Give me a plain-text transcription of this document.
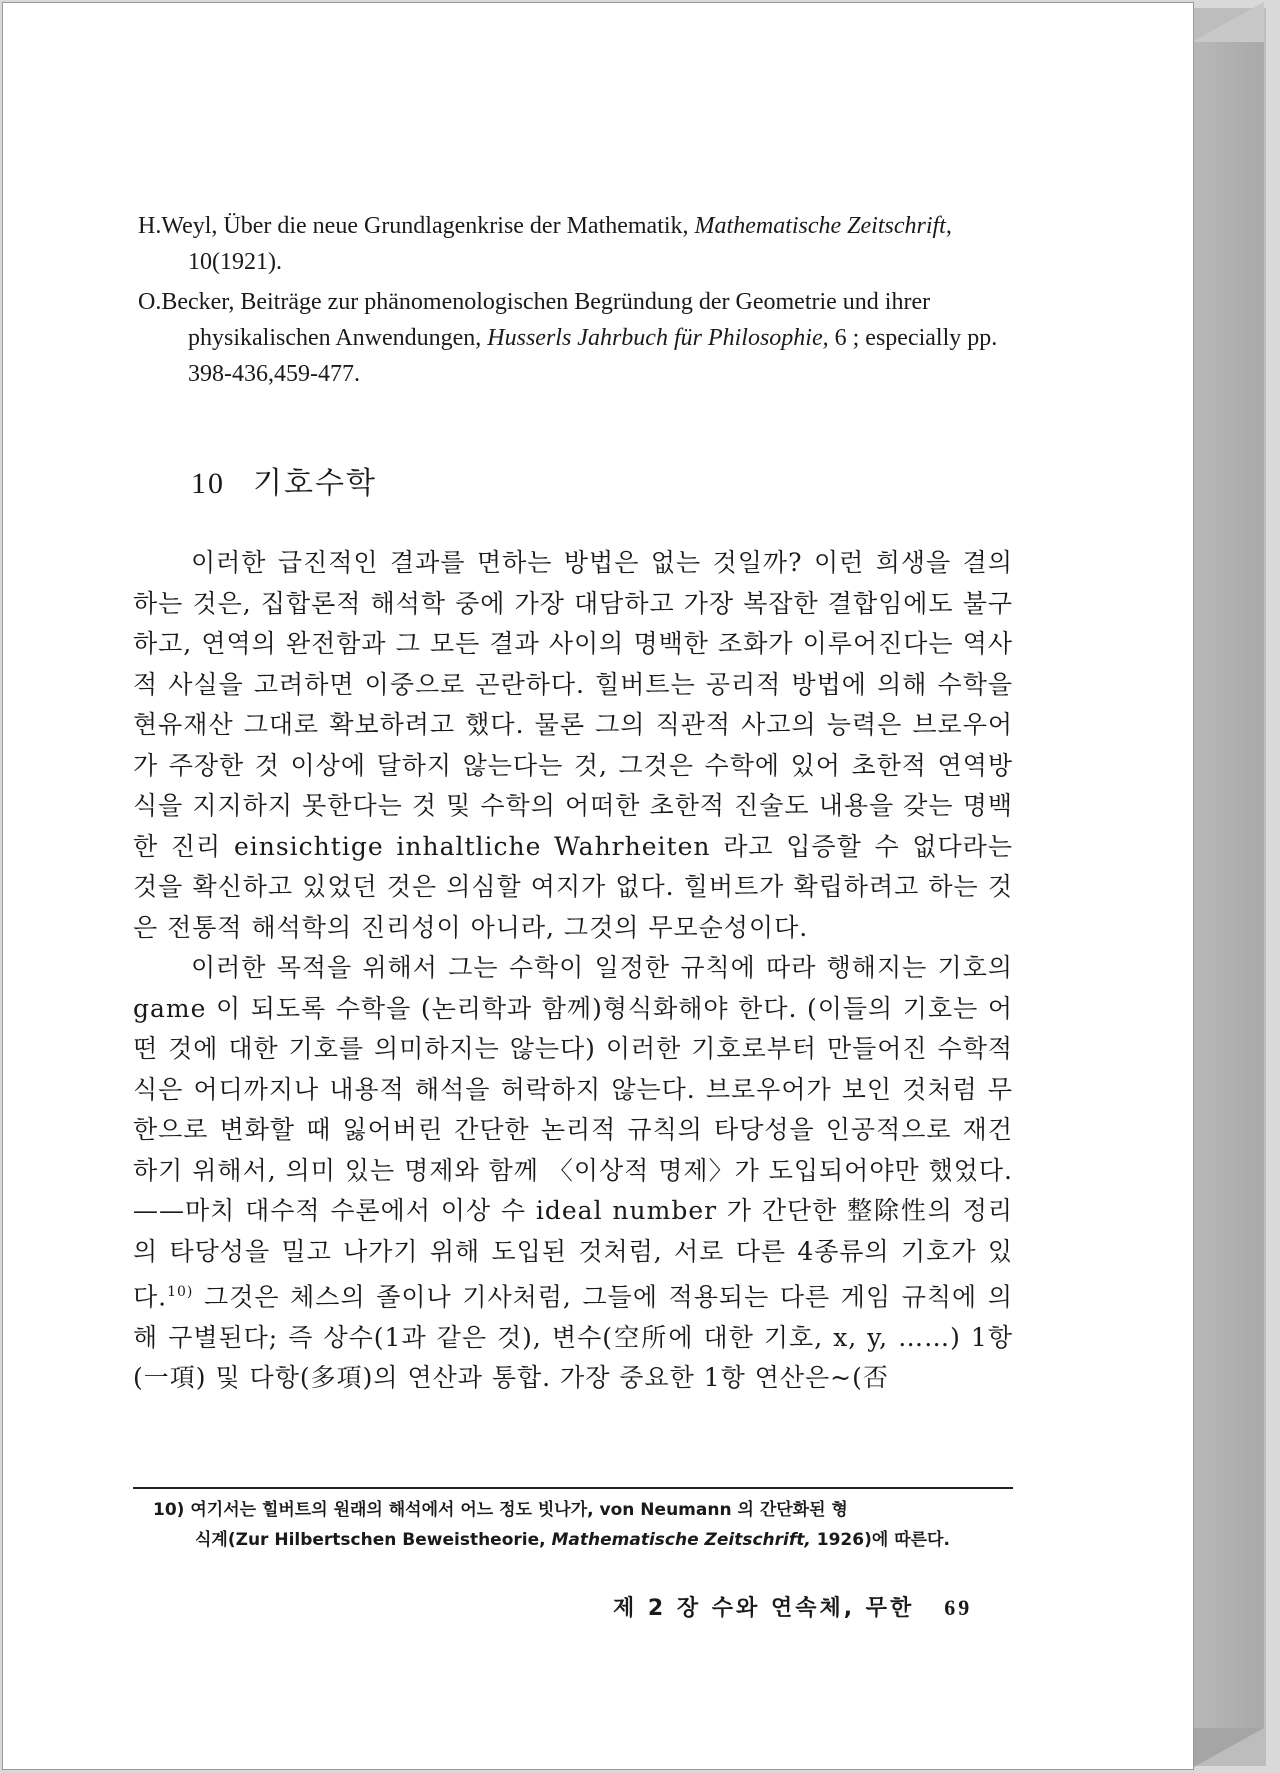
H.Weyl, Über die neue Grundlagenkrise der Mathematik, Mathematische Zeitschrift,
10(1921).
O.Becker, Beiträge zur phänomenologischen Begründung der Geometrie und ihrer
physikalischen Anwendungen, Husserls Jahrbuch für Philosophie, 6 ; especially pp. 398-436,459-477.
10 기호수학

이러한 급진적인 결과를 면하는 방법은 없는 것일까? 이런 희생을 결의하는 것은, 집합론적 해석학 중에 가장 대담하고 가장 복잡한 결합임에도 불구하고, 연역의 완전함과 그 모든 결과 사이의 명백한 조화가 이루어진다는 역사적 사실을 고려하면 이중으로 곤란하다. 힐버트는 공리적 방법에 의해 수학을 현유재산 그대로 확보하려고 했다. 물론 그의 직관적 사고의 능력은 브로우어가 주장한 것 이상에 달하지 않는다는 것, 그것은 수학에 있어 초한적 연역방식을 지지하지 못한다는 것 및 수학의 어떠한 초한적 진술도 내용을 갖는 명백한 진리 einsichtige inhaltliche Wahrheiten 라고 입증할 수 없다라는 것을 확신하고 있었던 것은 의심할 여지가 없다. 힐버트가 확립하려고 하는 것은 전통적 해석학의 진리성이 아니라, 그것의 무모순성이다.

이러한 목적을 위해서 그는 수학이 일정한 규칙에 따라 행해지는 기호의 game 이 되도록 수학을 (논리학과 함께)형식화해야 한다. (이들의 기호는 어떤 것에 대한 기호를 의미하지는 않는다) 이러한 기호로부터 만들어진 수학적 식은 어디까지나 내용적 해석을 허락하지 않는다. 브로우어가 보인 것처럼 무한으로 변화할 때 잃어버린 간단한 논리적 규칙의 타당성을 인공적으로 재건하기 위해서, 의미 있는 명제와 함께 〈이상적 명제〉가 도입되어야만 했었다. ——마치 대수적 수론에서 이상 수 ideal number 가 간단한 整除性의 정리의 타당성을 밀고 나가기 위해 도입된 것처럼, 서로 다른 4종류의 기호가 있다.$^{10)}$ 그것은 체스의 졸이나 기사처럼, 그들에 적용되는 다른 게임 규칙에 의해 구별된다; 즉 상수(1과 같은 것), 변수(空所에 대한 기호, x, y, ……) 1항(一項) 및 다항(多項)의 연산과 통합. 가장 중요한 1항 연산은~(否

10) 여기서는 힐버트의 원래의 해석에서 어느 정도 빗나가, von Neumann 의 간단화된 형
식계(Zur Hilbertschen Beweistheorie, Mathematische Zeitschrift, 1926)에 따른다.
제 2 장 수와 연속체, 무한 69
